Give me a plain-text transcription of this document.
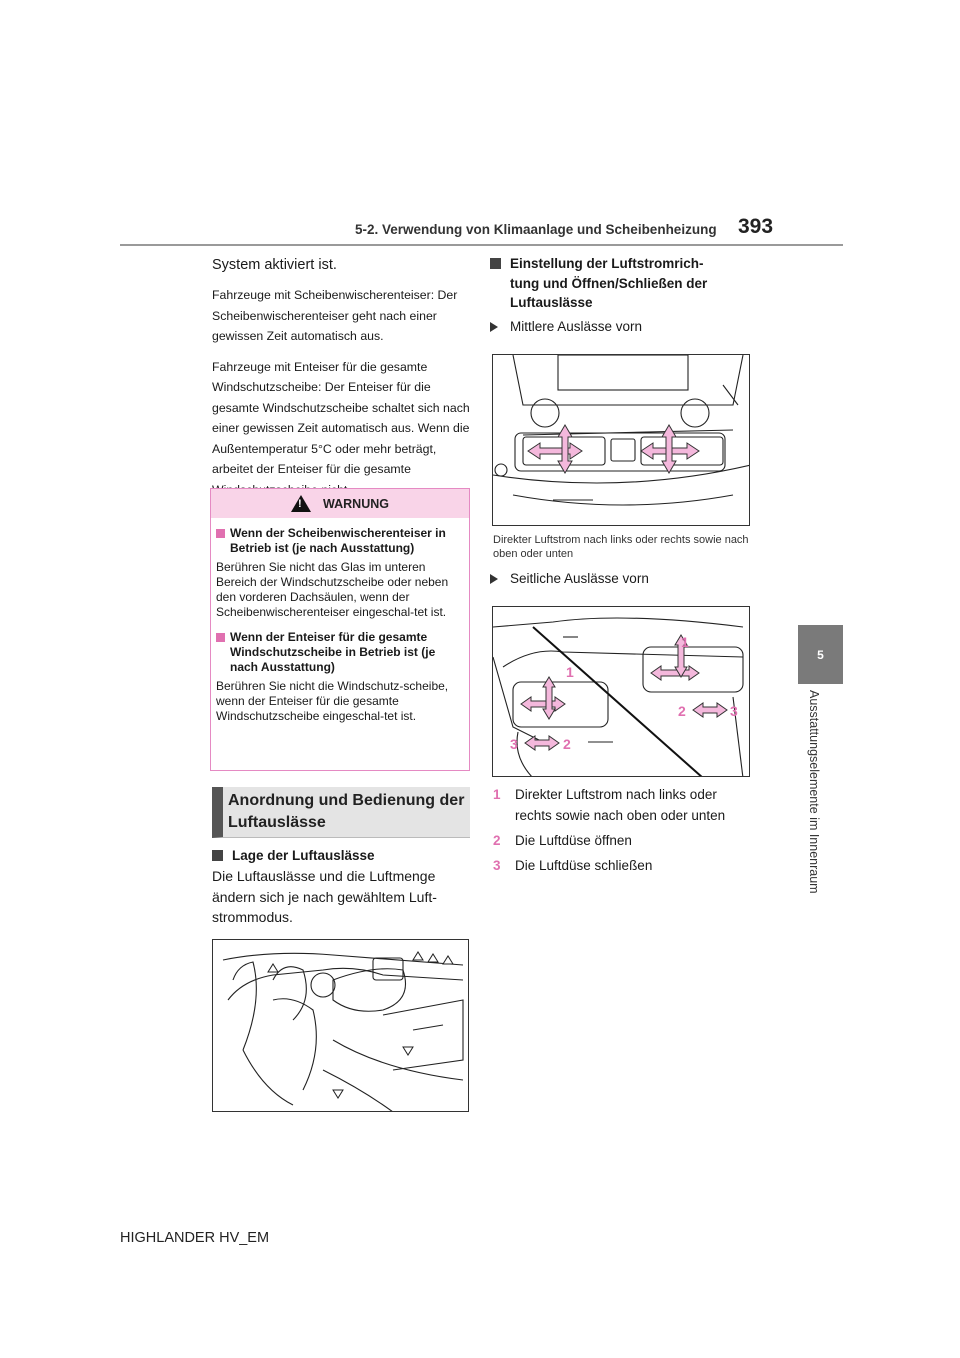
5-2. Verwendung von Klimaanlage und Scheibenheizung 393
5
Ausstattungselemente im Innenraum
System aktiviert ist.
Fahrzeuge mit Scheibenwischerenteiser: Der Scheibenwischerenteiser geht nach einer gewissen Zeit automatisch aus.
Fahrzeuge mit Enteiser für die gesamte Windschutzscheibe: Der Enteiser für die gesamte Windschutzscheibe schaltet sich nach einer gewissen Zeit automatisch aus. Wenn die Außentemperatur 5°C oder mehr beträgt, arbeitet der Enteiser für die gesamte
! WARNUNG
Wenn der Scheibenwischerenteiser in Betrieb ist (je nach Ausstattung)
Berühren Sie nicht das Glas im unteren Bereich der Windschutzscheibe oder neben den vorderen Dachsäulen, wenn der Scheibenwischerenteiser eingeschal-tet ist.
Wenn der Enteiser für die gesamte Windschutzscheibe in Betrieb ist (je nach Ausstattung)
Berühren Sie nicht die Windschutz-scheibe, wenn der Enteiser für die gesamte Windschutzscheibe eingeschal-tet ist.
Anordnung und Bedienung der
Luftauslässe
Lage der Luftauslässe
Die Luftauslässe und die Luftmenge ändern sich je nach gewähltem Luft-strommodus.
Einstellung der Luftstromrich-
tung und Öffnen/Schließen der
Luftauslässe
Mittlere Auslässe vorn
Direkter Luftstrom nach links oder rechts sowie nach oben oder unten
Seitliche Auslässe vorn
1
1
2	3
3	2
1	Direkter Luftstrom nach links oder rechts sowie nach oben oder unten
2	Die Luftdüse öffnen
3	Die Luftdüse schließen
HIGHLANDER HV_EM
